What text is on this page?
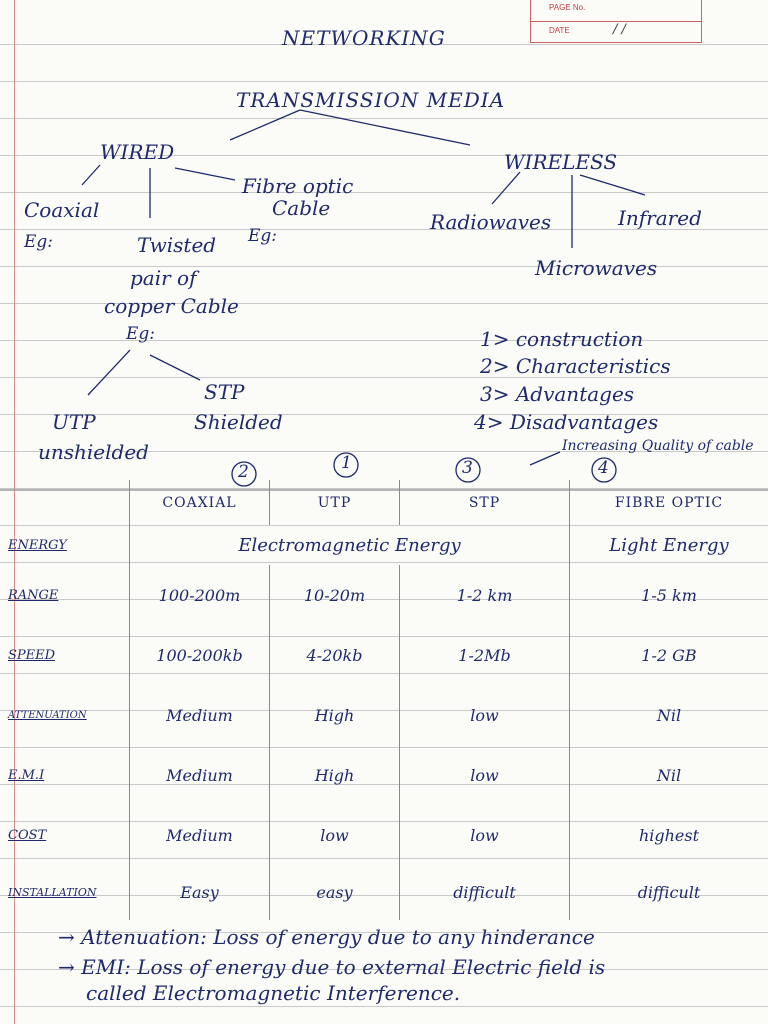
PAGE No.
DATE	/ /
NETWORKING
TRANSMISSION MEDIA
WIRED
Coaxial
Eg:
Fibre optic
Cable
Eg:
Twisted
pair of
copper Cable
Eg:
STP
Shielded
UTP
unshielded
WIRELESS
Radiowaves	Infrared
Microwaves
1> construction
2> Characteristics
3> Advantages
4> Disadvantages
Increasing Quality of cable
2	1	3	4
COAXIAL	UTP	STP	FIBRE OPTIC
ENERGY	Electromagnetic Energy	Light Energy
RANGE	100-200m	10-20m	1-2 km	1-5 km
SPEED	100-200kb	4-20kb	1-2Mb	1-2 GB
ATTENUATION	Medium	High	low	Nil
E.M.I	Medium	High	low	Nil
COST	Medium	low	low	highest
INSTALLATION	Easy	easy	difficult	difficult
→ Attenuation: Loss of energy due to any hinderance
→ EMI: Loss of energy due to external Electric field is
called Electromagnetic Interference.
